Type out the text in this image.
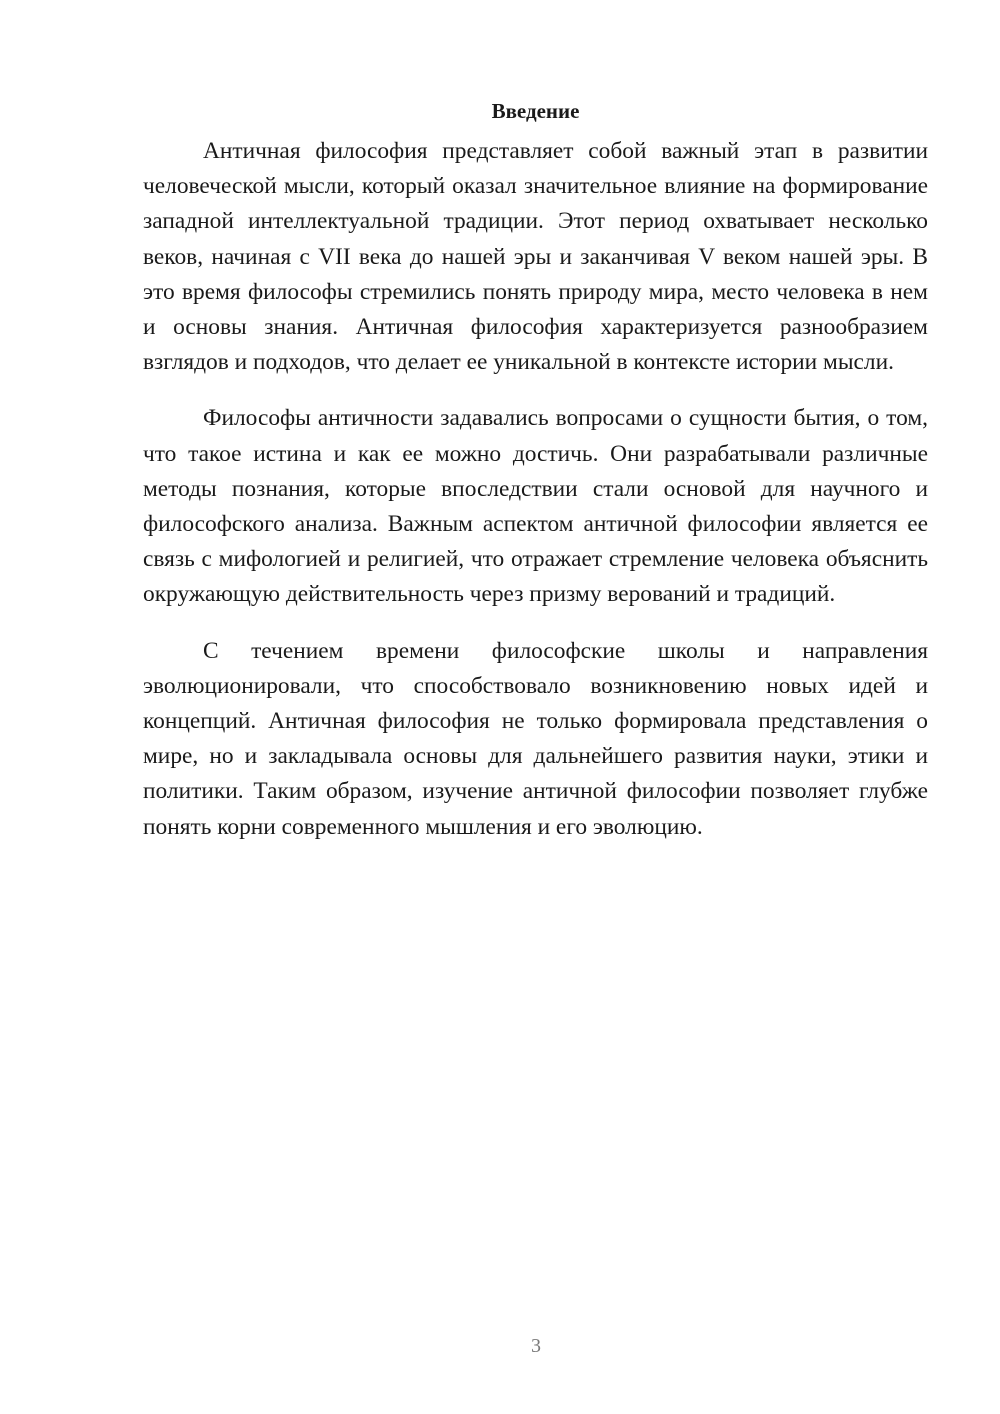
Введение

Античная философия представляет собой важный этап в развитии человеческой мысли, который оказал значительное влияние на формирование западной интеллектуальной традиции. Этот период охватывает несколько веков, начиная с VII века до нашей эры и заканчивая V веком нашей эры. В это время философы стремились понять природу мира, место человека в нем и основы знания. Античная философия характеризуется разнообразием взглядов и подходов, что делает ее уникальной в контексте истории мысли.

Философы античности задавались вопросами о сущности бытия, о том, что такое истина и как ее можно достичь. Они разрабатывали различные методы познания, которые впоследствии стали основой для научного и философского анализа. Важным аспектом античной философии является ее связь с мифологией и религией, что отражает стремление человека объяснить окружающую действительность через призму верований и традиций.

С течением времени философские школы и направления эволюционировали, что способствовало возникновению новых идей и концепций. Античная философия не только формировала представления о мире, но и закладывала основы для дальнейшего развития науки, этики и политики. Таким образом, изучение античной философии позволяет глубже понять корни современного мышления и его эволюцию.

3
